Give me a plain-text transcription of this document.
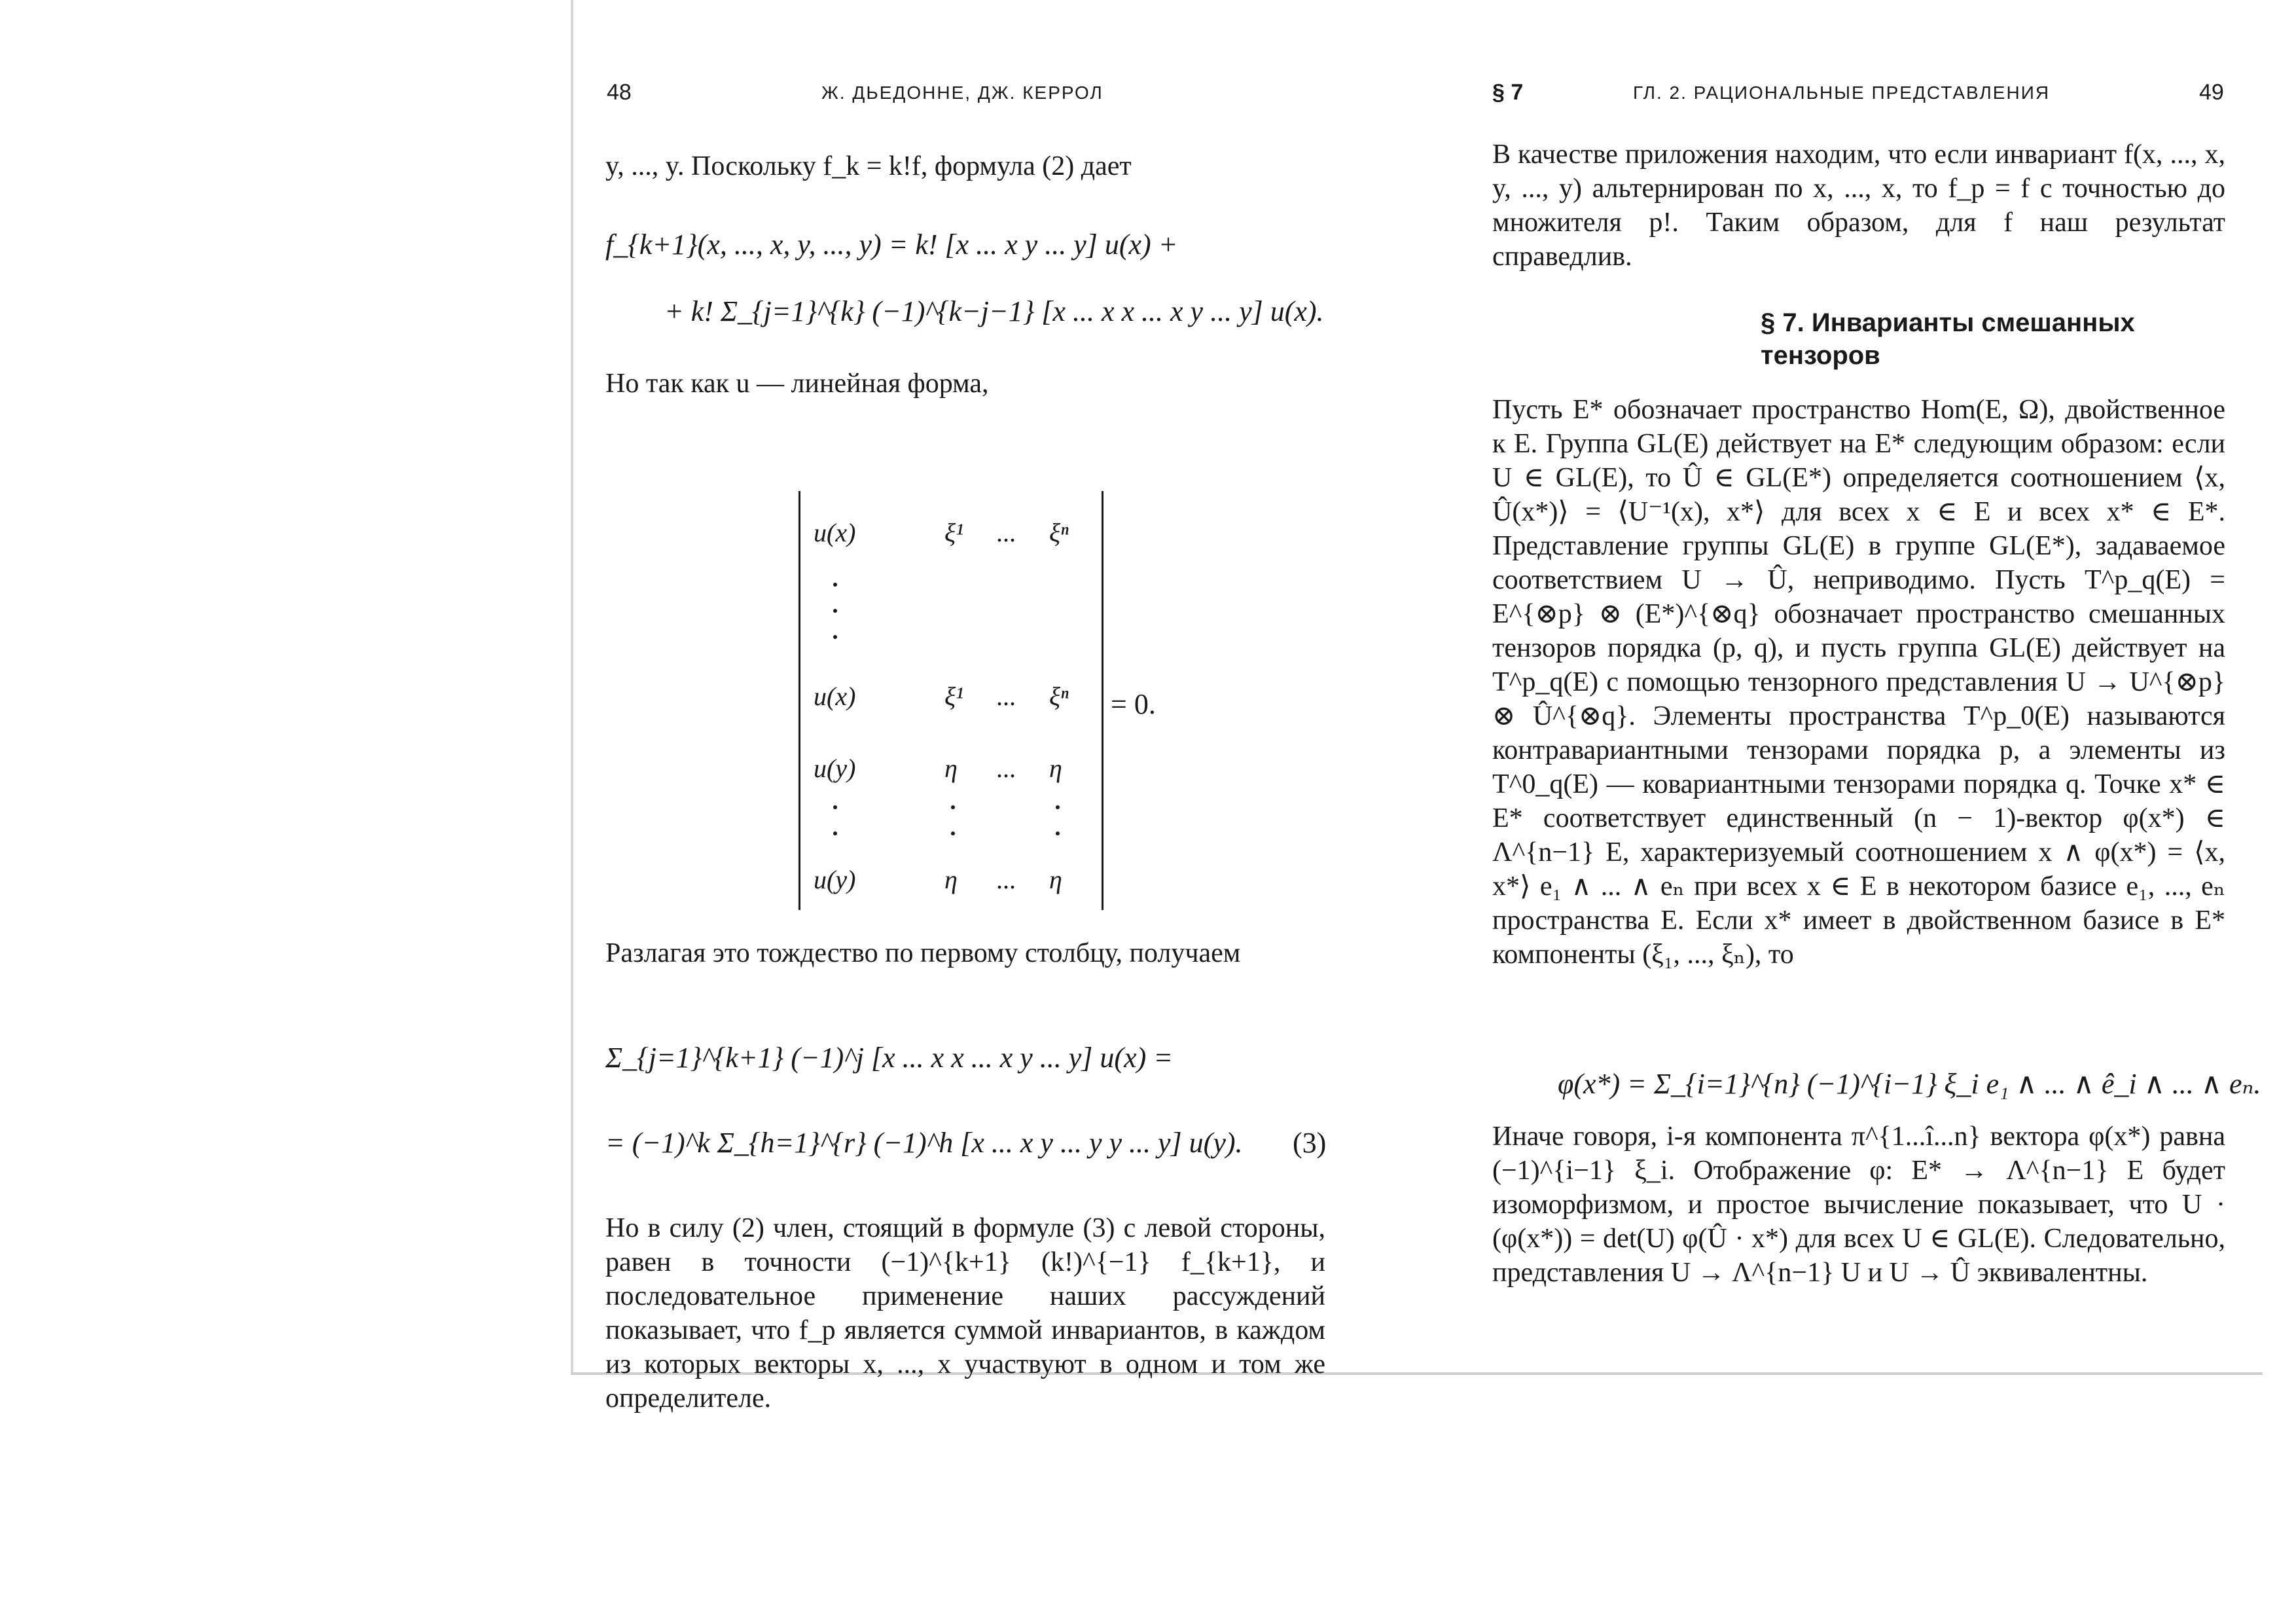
48	Ж. ДЬЕДОННЕ, ДЖ. КЕРРОЛ
y, ..., y. Поскольку f_k = k!f, формула (2) дает
f_{k+1}(x, ..., x, y, ..., y) = k! [x ... x y ... y] u(x) +
+ k! Σ_{j=1}^{k} (−1)^{k−j−1} [x ... x x ... x y ... y] u(x).
Но так как u — линейная форма,
u(x)	ξ¹ ... ξⁿ
u(x)	ξ¹ ... ξⁿ
u(y)	η ... η
u(y)	η ... η
= 0.
Разлагая это тождество по первому столбцу, получаем
Σ_{j=1}^{k+1} (−1)^j [x ... x x ... x y ... y] u(x) =
= (−1)^k Σ_{h=1}^{r} (−1)^h [x ... x y ... y y ... y] u(y). (3)
Но в силу (2) член, стоящий в формуле (3) с левой стороны, равен в точности (−1)^{k+1} (k!)^{−1} f_{k+1}, и последовательное применение наших рассуждений показывает, что f_p является суммой инвариантов, в каждом из которых векторы x, ..., x участвуют в одном и том же определителе.
§ 7	ГЛ. 2. РАЦИОНАЛЬНЫЕ ПРЕДСТАВЛЕНИЯ	49
В качестве приложения находим, что если инвариант f(x, ..., x, y, ..., y) альтернирован по x, ..., x, то f_p = f с точностью до множителя p!. Таким образом, для f наш результат справедлив.
§ 7. Инварианты смешанных
тензоров
Пусть E* обозначает пространство Hom(E, Ω), двойственное к E. Группа GL(E) действует на E* следующим образом: если U ∈ GL(E), то Û ∈ GL(E*) определяется соотношением ⟨x, Û(x*)⟩ = ⟨U⁻¹(x), x*⟩ для всех x ∈ E и всех x* ∈ E*. Представление группы GL(E) в группе GL(E*), задаваемое соответствием U → Û, неприводимо. Пусть T^p_q(E) = E^{⊗p} ⊗ (E*)^{⊗q} обозначает пространство смешанных тензоров порядка (p, q), и пусть группа GL(E) действует на T^p_q(E) с помощью тензорного представления U → U^{⊗p} ⊗ Û^{⊗q}. Элементы пространства T^p_0(E) называются контравариантными тензорами порядка p, а элементы из T^0_q(E) — ковариантными тензорами порядка q. Точке x* ∈ E* соответствует единственный (n − 1)-вектор φ(x*) ∈ Λ^{n−1} E, характеризуемый соотношением x ∧ φ(x*) = ⟨x, x*⟩ e₁ ∧ ... ∧ eₙ при всех x ∈ E в некотором базисе e₁, ..., eₙ пространства E. Если x* имеет в двойственном базисе в E* компоненты (ξ₁, ..., ξₙ), то
φ(x*) = Σ_{i=1}^{n} (−1)^{i−1} ξ_i e₁ ∧ ... ∧ ê_i ∧ ... ∧ eₙ.
Иначе говоря, i-я компонента π^{1...î...n} вектора φ(x*) равна (−1)^{i−1} ξ_i. Отображение φ: E* → Λ^{n−1} E будет изоморфизмом, и простое вычисление показывает, что U · (φ(x*)) = det(U) φ(Û · x*) для всех U ∈ GL(E). Следовательно, представления U → Λ^{n−1} U и U → Û эквивалентны.
